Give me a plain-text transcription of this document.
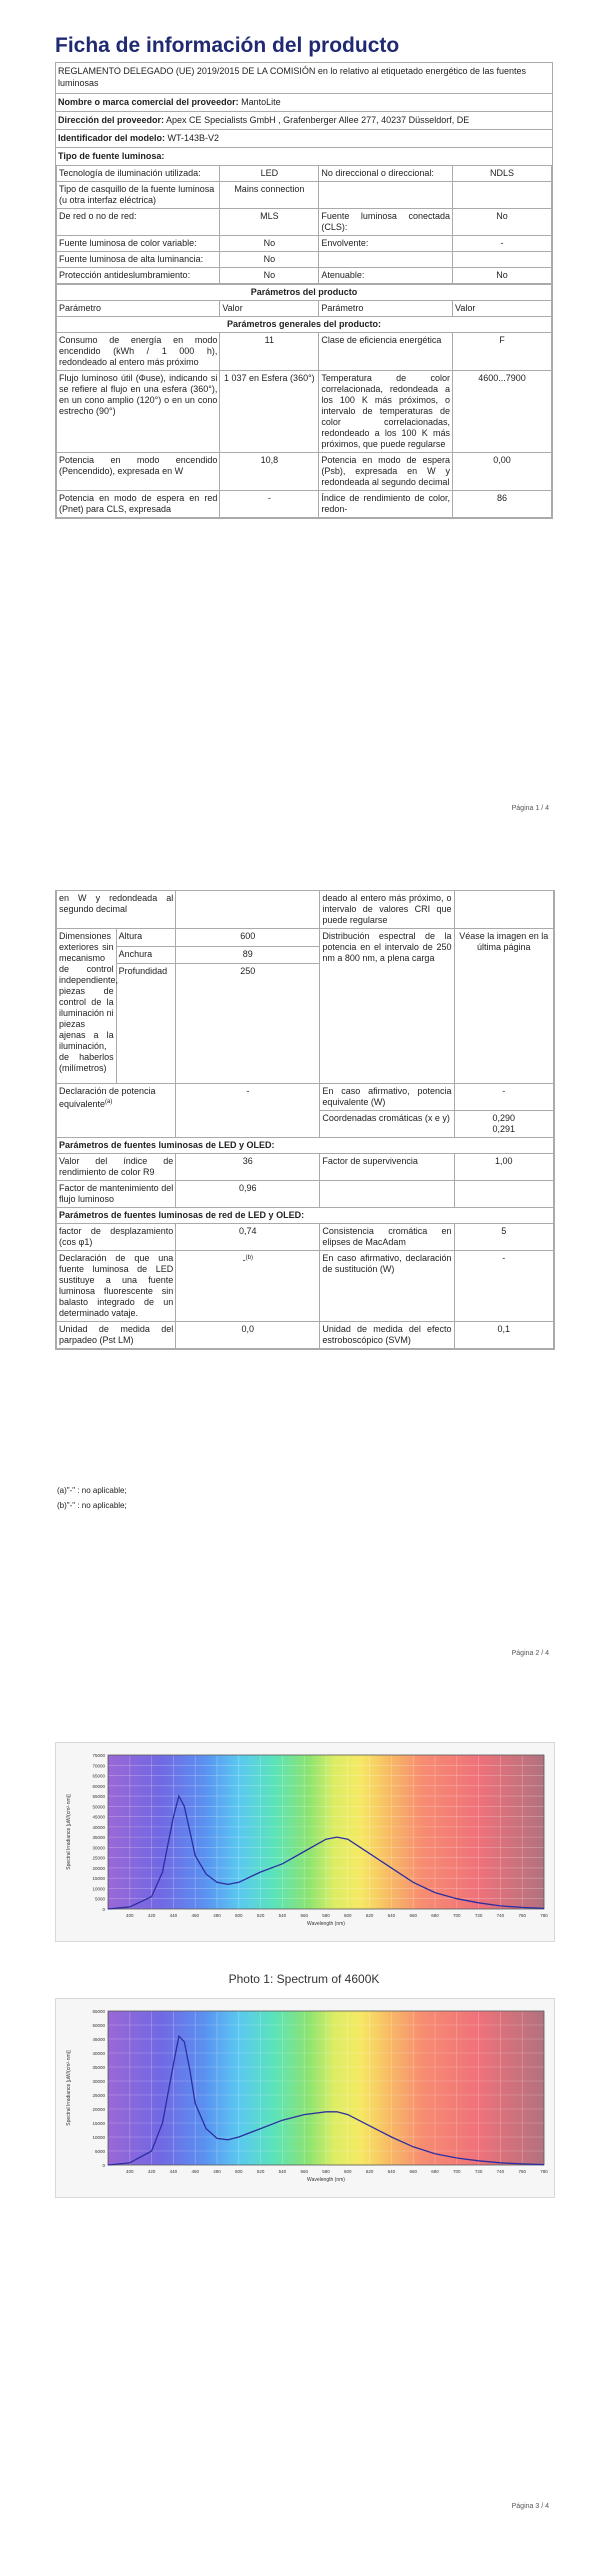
Ficha de información del producto
REGLAMENTO DELEGADO (UE) 2019/2015 DE LA COMISIÓN en lo relativo al etiquetado energético de las fuentes luminosas
Nombre o marca comercial del proveedor: MantoLite
Dirección del proveedor: Apex CE Specialists GmbH , Grafenberger Allee 277, 40237 Düsseldorf, DE
Identificador del modelo: WT-143B-V2
Tipo de fuente luminosa:
Tecnología de iluminación utilizada:	LED	No direccional o direccional:	NDLS
Tipo de casquillo de la fuente luminosa
(u otra interfaz eléctrica)	Mains connection		
De red o no de red:	MLS	Fuente luminosa conectada (CLS):	No
Fuente luminosa de color variable:	No	Envolvente:	-
Fuente luminosa de alta luminancia:	No		
Protección antideslumbramiento:	No	Atenuable:	No
Parámetros del producto			
Parámetro	Valor	Parámetro	Valor
Parámetros generales del producto:			
Consumo de energía en modo encendido (kWh / 1 000 h), redondeado al entero más próximo	11	Clase de eficiencia energética	F
Flujo luminoso útil (Φuse), indicando si se refiere al flujo en una esfera (360°), en un cono amplio (120°) o en un cono estrecho (90°)	1 037 en Esfera (360°)	Temperatura de color correlacionada, redondeada a los 100 K más próximos, o intervalo de temperaturas de color correlacionadas, redondeado a los 100 K más próximos, que puede regularse	4600...7900
Potencia en modo encendido (Pencendido), expresada en W	10,8	Potencia en modo de espera (Psb), expresada en W y redondeada al segundo decimal	0,00
Potencia en modo de espera en red (Pnet) para CLS, expresada	-	Índice de rendimiento de color, redon-	86
Página 1 / 4
en W y redondeada al segundo decimal			deado al entero más próximo, o intervalo de valores CRI que puede regularse	
Dimensiones exteriores sin mecanismo de control independiente, piezas de control de la iluminación ni piezas ajenas a la iluminación, de haberlos (milímetros)	Altura	600	Distribución espectral de la potencia en el intervalo de 250 nm a 800 nm, a plena carga	Véase la imagen en la última página
	Anchura	89		
	Profundidad	250		
Declaración de potencia equivalente$^{(a)}$		-	En caso afirmativo, potencia equivalente (W)	-
			Coordenadas cromáticas (x e y)	0,290
0,291

Parámetros de fuentes luminosas de LED y OLED:				
Valor del índice de rendimiento de color R9		36	Factor de supervivencia	1,00
Factor de mantenimiento del flujo luminoso		0,96		
Parámetros de fuentes luminosas de red de LED y OLED:				
factor de desplazamiento (cos φ1)		0,74	Consistencia cromática en elipses de MacAdam	5
Declaración de que una fuente luminosa de LED sustituye a una fuente luminosa fluorescente sin balasto integrado de un determinado vataje.		-$^{(b)}$	En caso afirmativo, declaración de sustitución (W)	-
Unidad de medida del parpadeo (Pst LM)		0,0	Unidad de medida del efecto estroboscópico (SVM)	0,1
(a)"-" : no aplicable;
(b)"-" : no aplicable;
Página 2 / 4
0
5000
10000
15000
20000
25000
30000
35000
40000
45000
50000
55000
60000
65000
70000
75000
400	420	440	460	480	500	520	540	560	580	600	620	640	660	680	700	720	740	760	780
Wavelength (nm)
Spectral Irradiance [μW/(cm²·nm)]
Photo 1: Spectrum of 4600K
0
5000
10000
15000
20000
25000
30000
35000
40000
45000
50000
55000
400	420	440	460	480	500	520	540	560	580	600	620	640	660	680	700	720	740	760	780
Wavelength (nm)
Spectral Irradiance [μW/(cm²·nm)]
Página 3 / 4
